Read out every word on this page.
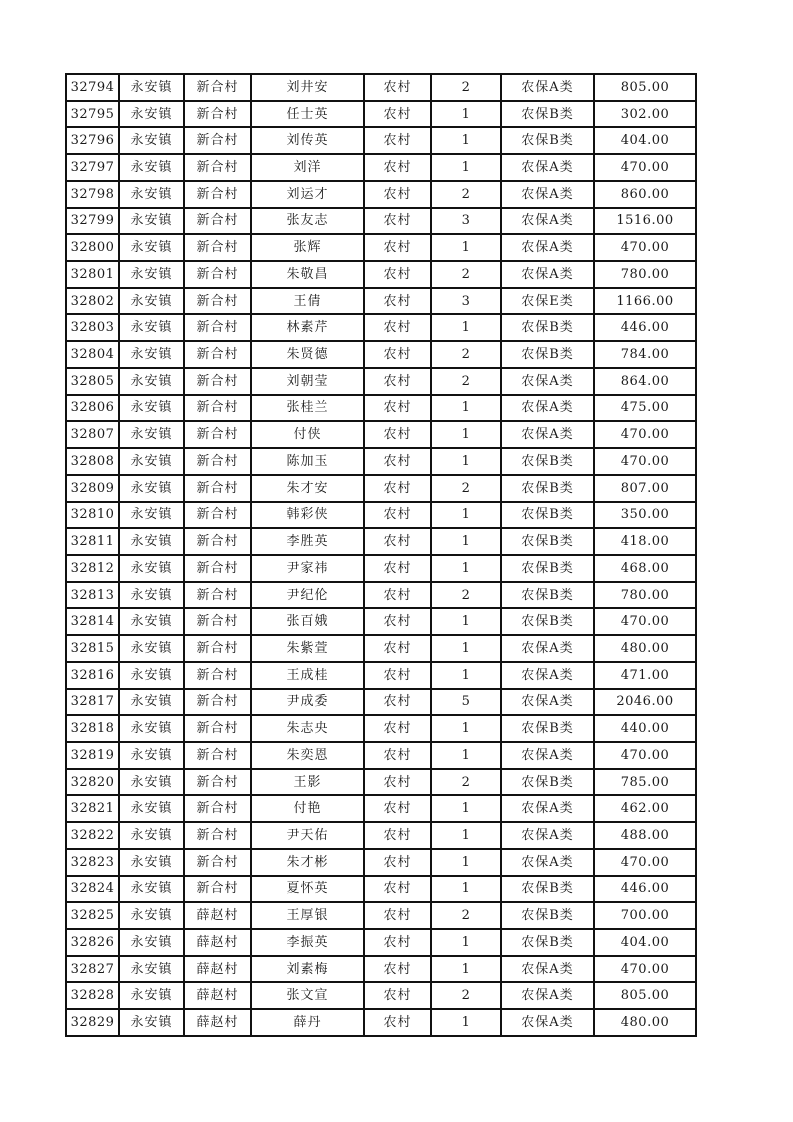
32794	永安镇	新合村	刘井安	农村	2	农保A类	805.00
32795	永安镇	新合村	任士英	农村	1	农保B类	302.00
32796	永安镇	新合村	刘传英	农村	1	农保B类	404.00
32797	永安镇	新合村	刘洋	农村	1	农保A类	470.00
32798	永安镇	新合村	刘运才	农村	2	农保A类	860.00
32799	永安镇	新合村	张友志	农村	3	农保A类	1516.00
32800	永安镇	新合村	张辉	农村	1	农保A类	470.00
32801	永安镇	新合村	朱敬昌	农村	2	农保A类	780.00
32802	永安镇	新合村	王倩	农村	3	农保E类	1166.00
32803	永安镇	新合村	林素芹	农村	1	农保B类	446.00
32804	永安镇	新合村	朱贤德	农村	2	农保B类	784.00
32805	永安镇	新合村	刘朝莹	农村	2	农保A类	864.00
32806	永安镇	新合村	张桂兰	农村	1	农保A类	475.00
32807	永安镇	新合村	付侠	农村	1	农保A类	470.00
32808	永安镇	新合村	陈加玉	农村	1	农保B类	470.00
32809	永安镇	新合村	朱才安	农村	2	农保B类	807.00
32810	永安镇	新合村	韩彩侠	农村	1	农保B类	350.00
32811	永安镇	新合村	李胜英	农村	1	农保B类	418.00
32812	永安镇	新合村	尹家祎	农村	1	农保B类	468.00
32813	永安镇	新合村	尹纪伦	农村	2	农保B类	780.00
32814	永安镇	新合村	张百娥	农村	1	农保B类	470.00
32815	永安镇	新合村	朱紫萱	农村	1	农保A类	480.00
32816	永安镇	新合村	王成桂	农村	1	农保A类	471.00
32817	永安镇	新合村	尹成委	农村	5	农保A类	2046.00
32818	永安镇	新合村	朱志央	农村	1	农保B类	440.00
32819	永安镇	新合村	朱奕恩	农村	1	农保A类	470.00
32820	永安镇	新合村	王影	农村	2	农保B类	785.00
32821	永安镇	新合村	付艳	农村	1	农保A类	462.00
32822	永安镇	新合村	尹天佑	农村	1	农保A类	488.00
32823	永安镇	新合村	朱才彬	农村	1	农保A类	470.00
32824	永安镇	新合村	夏怀英	农村	1	农保B类	446.00
32825	永安镇	薛赵村	王厚银	农村	2	农保B类	700.00
32826	永安镇	薛赵村	李振英	农村	1	农保B类	404.00
32827	永安镇	薛赵村	刘素梅	农村	1	农保A类	470.00
32828	永安镇	薛赵村	张文宣	农村	2	农保A类	805.00
32829	永安镇	薛赵村	薛丹	农村	1	农保A类	480.00
